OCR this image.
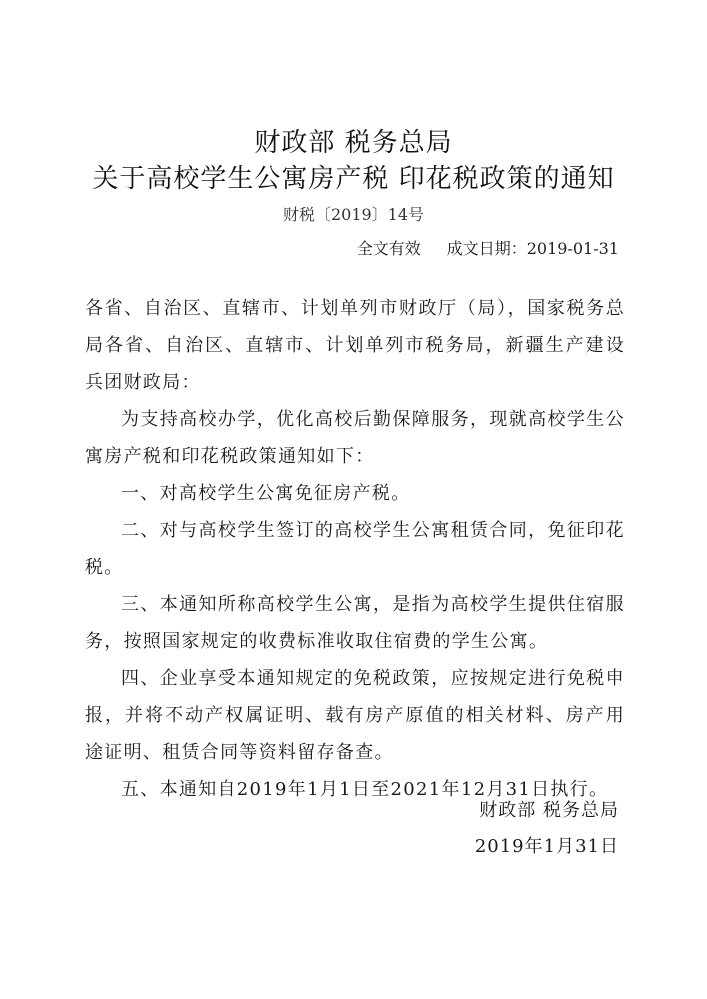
财政部 税务总局
关于高校学生公寓房产税 印花税政策的通知
财税〔2019〕14号
全文有效 成文日期：2019-01-31

各省、自治区、直辖市、计划单列市财政厅（局），国家税务总局各省、自治区、直辖市、计划单列市税务局，新疆生产建设兵团财政局：

为支持高校办学，优化高校后勤保障服务，现就高校学生公寓房产税和印花税政策通知如下：

一、对高校学生公寓免征房产税。

二、对与高校学生签订的高校学生公寓租赁合同，免征印花税。

三、本通知所称高校学生公寓，是指为高校学生提供住宿服务，按照国家规定的收费标准收取住宿费的学生公寓。

四、企业享受本通知规定的免税政策，应按规定进行免税申报，并将不动产权属证明、载有房产原值的相关材料、房产用途证明、租赁合同等资料留存备查。

五、本通知自2019年1月1日至2021年12月31日执行。

财政部 税务总局
2019年1月31日
